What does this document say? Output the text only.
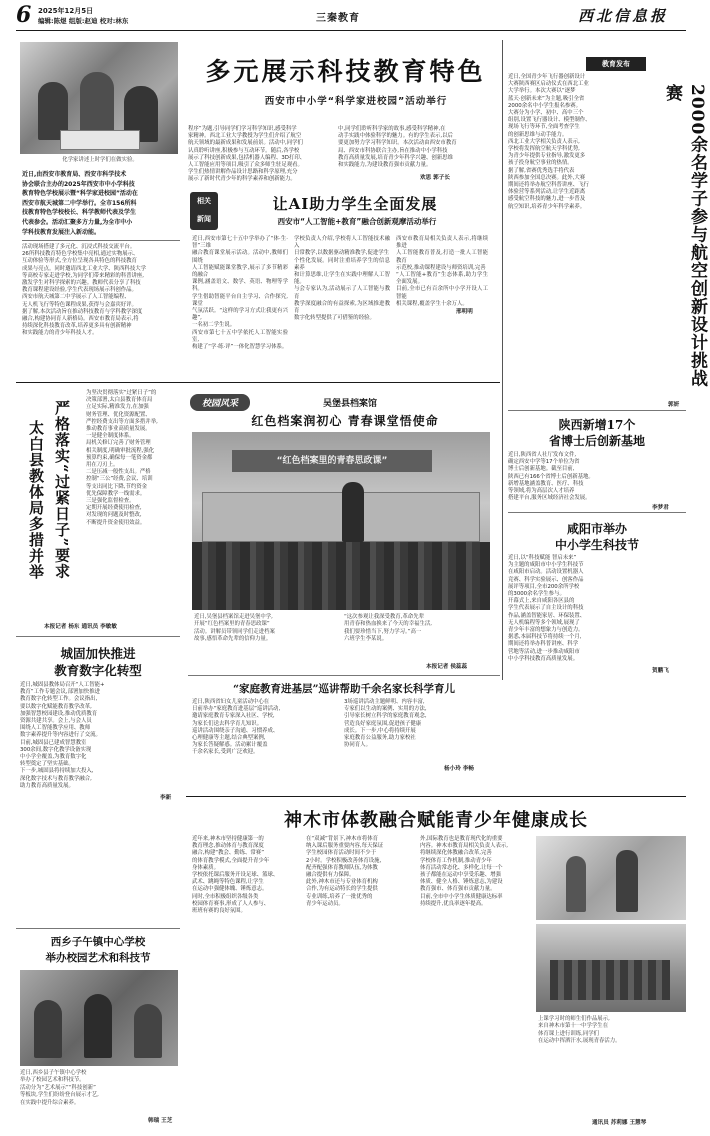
6 2025年12月5日
编辑:陈煜 组版:赵迪 校对:林东	三秦教育	西北信息报
化学家讲述上时学们在做实验。
多元展示科技教育特色
西安市中小学“科学家进校园”活动举行
近日,由西安市教育局、西安市科学技术
协会联合主办的2025年西安市中小学科技
教育特色学校展示暨“科学家进校园”活动在
西安市航天城第二中学举行。全市156所科
技教育特色学校校长、科学教师代表及学生
代表参会。活动汇聚多方力量,为全市中小
学科技教育发展注入新动能。
活动现场搭建了多元化、沉浸式科技交流平台。
26所科技教育特色学校集中亮相,通过实物展示、
互动体验等形式,全方位呈现各具特色的科技教育
成果与亮点。同时邀请西北工业大学、陕西科技大学
等高校专家走进学校,为同学们带来精彩的科普讲座,
激发学生对科学探索的兴趣。教师代表分享了科技
教育课程建设经验,学生代表现场展示科创作品。
西安市航天城第二中学展示了人工智能编程、
无人机飞行等特色课程成果,获得与会嘉宾好评。
据了解,本次活动旨在推动科技教育与学科教学深度
融合,构建协同育人新格局。西安市教育局表示,将
持续深化科技教育改革,培养更多具有创新精神
和实践能力的青少年科技人才。
程序”为题,引导同学们学习科学知识,感受科学
家精神。西北工业大学教授为学生们介绍了航空
航天领域的最新成果和发展前景。活动中,同学们
认真聆听讲座,积极参与互动环节。随后,各学校
展示了科技创新成果,包括机器人编程、3D打印、
人工智能应用等项目,吸引了众多师生驻足观看。
学生们热情讲解作品设计思路和科学原理,充分
展示了新时代青少年的科学素养和创新能力。
中,同学们聆听科学家的故事,感受科学精神,在
动手实践中体验科学的魅力。有的学生表示,以后
要更加努力学习科学知识。本次活动由西安市教育
局、西安市科协联合主办,旨在推动中小学科技
教育高质量发展,培育青少年科学兴趣、创新思维
和实践能力,为建设教育强市贡献力量。
欢思 郭子长
相关
新闻
让AI助力学生全面发展
西安市“人工智能+教育”融合创新观摩活动举行
近日,西安市第七十五中学举办了“体·生·智”三维
融合教育课堂展示活动。活动中,教师们围绕
人工智能赋能课堂教学,展示了多节精彩的融合
课例,涵盖语文、数学、英语、物理等学科。
学生借助智能平台自主学习、合作探究,课堂
气氛活跃。“这样的学习方式让我更有兴趣”,
一名初二学生说。
西安市第七十五中学依托人工智能实验室,
构建了“学·练·评”一体化智慧学习体系。
学校负责人介绍,学校将人工智能技术融入
日常教学,以数据驱动精准教学,促进学生
个性化发展。同时注重培养学生的信息素养
和计算思维,让学生在实践中理解人工智能。
与会专家认为,活动展示了人工智能与教育
教学深度融合的有益探索,为区域推进教育
数字化转型提供了可借鉴的经验。
西安市教育局相关负责人表示,将继续推进
人工智能教育普及,打造一批人工智能教育
示范校,推动课程建设与师资培训,完善
“人工智能+教育”生态体系,助力学生全面发展。
目前,全市已有百余所中小学开设人工智能
相关课程,覆盖学生十余万人。
邢明明
教育发布
2000余名学子参与航空创新设计挑战赛
近日,全国青少年飞行器创新设计
大赛陕西赛区启动仪式在西北工业
大学举行。本次大赛以“逐梦
蓝天·创新未来”为主题,吸引全省
2000余名中小学生报名参赛。
大赛分为小学、初中、高中三个
组别,设置飞行器设计、模型制作、
现场飞行等环节,全面考查学生
的创新思维与动手能力。
西北工业大学相关负责人表示,
学校将发挥航空航天学科优势,
为青少年提供专业指导,激发更多
孩子投身航空事业的热情。
据了解,省赛优秀选手将代表
陕西参加全国总决赛。此外,大赛
期间还将举办航空科普讲座、飞行
体验营等系列活动,让学生近距离
感受航空科技的魅力,进一步普及
航空知识,培养青少年科学素养。
郭妍
陕西新增17个
省博士后创新基地
近日,陕西省人社厅发布文件,
确定西安中学等17个单位为省
博士后创新基地。截至目前,
陕西已有166个省博士后创新基地。
新增基地涵盖教育、医疗、科技
等领域,将为高层次人才培养
搭建平台,服务区域经济社会发展。
李梦君
咸阳市举办
中小学生科技节
近日,以“科技赋能 智启未来”
为主题的咸阳市中小学生科技节
在咸阳市启动。活动设置机器人
竞赛、科学实验展示、创客作品
展评等项目,全市200余所学校
的3000余名学生参与。
开幕式上,来自咸阳各区县的
学生代表展示了自主设计的科技
作品,涵盖智能家居、环保装置、
无人机编程等多个领域,展现了
青少年丰富的想象力与创造力。
据悉,本届科技节将持续一个月,
期间还将举办科普讲座、科学
营地等活动,进一步推动咸阳市
中小学科技教育高质量发展。
贺鹏飞
严格落实“过紧日子”要求
太白县教体局多措并举
为坚决贯彻落实“过紧日子”的
决策部署,太白县教育体育局
立足实际,精准发力,在加强
财务管理、优化资源配置、
严控经费支出等方面多措并举,
推动教育事业高质量发展。
一是健全制度体系。
局机关修订完善了财务管理
相关制度,明确审批流程,强化
预算约束,确保每一笔资金都
用在刀刃上。
二是压减一般性支出。严格
控制“三公”经费,会议、培训
等支出同比下降,节约资金
优先保障教学一线需求。
三是强化监督检查。
定期开展经费使用检查,
对发现的问题及时整改,
不断提升资金使用效益。
本报记者 杨东 通讯员 李敏敏
城固加快推进
教育数字化转型
近日,城固县教体局召开“人工智能+
教育”工作专题会议,部署加快推进
教育数字化转型工作。会议指出,
要以数字化赋能教育教学改革,
加强智慧校园建设,推动优质教育
资源共建共享。会上,与会人员
围绕人工智能教学应用、教师
数字素养提升等内容进行了交流。
目前,城固县已建成智慧教室
300余间,数字化教学设备实现
中小学全覆盖,为教育数字化
转型奠定了坚实基础。
下一步,城固县将持续加大投入,
深化数字技术与教育教学融合,
助力教育高质量发展。
李新
校园风采	吴堡县档案馆
红色档案润初心 青春课堂悟使命
“红色档案里的青春思政课”
近日,吴堡县档案馆走进吴堡中学,
开展“红色档案里的青春思政课”
活动。讲解员带领同学们走进档案
故事,感悟革命先辈的信仰力量。
“这次参观让我深受教育,革命先辈
用青春和热血换来了今天的幸福生活,
我们要珍惜当下,努力学习。”高一
六班学生李某说。
本报记者 侯蕊蕊
“家庭教育进基层”巡讲帮助千余名家长科学育儿
近日,陕西省妇女儿童活动中心在
日前举办“家庭教育进基层”巡讲活动,
邀请家庭教育专家深入社区、学校,
为家长们送去科学育儿知识。
巡讲活动围绕亲子沟通、习惯养成、
心理健康等主题,结合典型案例,
为家长答疑解惑。活动累计覆盖
千余名家长,受到广泛欢迎。
3场巡讲活动主题鲜明、内容丰富,
专家们以生动的案例、实用的方法,
引导家长树立科学的家庭教育观念,
营造良好家庭氛围,促进孩子健康
成长。下一步,中心将持续开展
家庭教育公益服务,助力家校社
协同育人。
杨小玲 李畅
神木市体教融合赋能青少年健康成长
近年来,神木市坚持健康第一的
教育理念,推动体育与教育深度
融合,构建“教会、勤练、常赛”
的体育教学模式,全面提升青少年
身体素质。
学校依托课后服务开设足球、篮球、
武术、跳绳等特色课程,让学生
在运动中强健体魄、锤炼意志。
同时,全市积极组织各级各类
校园体育赛事,形成了人人参与、
班班有赛的良好氛围。
在“双减”背景下,神木市将体育
纳入课后服务重要内容,每天保证
学生校园体育活动时间不少于
2小时。学校积极改善体育设施,
配齐配强体育教师队伍,为体教
融合提供有力保障。
此外,神木市还与专业体育机构
合作,为有运动特长的学生提供
专业训练,培养了一批优秀的
青少年运动员。
外,国际教育也是教育现代化的重要
内容。神木市教育局相关负责人表示,
将继续深化体教融合改革,完善
学校体育工作机制,推动青少年
体育活动常态化、多样化,让每一个
孩子都能在运动中享受乐趣、增强
体质、健全人格、锤炼意志,为建设
教育强市、体育强市贡献力量。
目前,全市中小学生体质健康达标率
持续提升,优良率逐年提高。
上课学习时的师生们作品展示,
来自神木市第十一中学学生在
体育课上进行训练,同学们
在运动中挥洒汗水,展现青春活力。
通讯员 苏莉娜 王慧琴
西乡子午镇中心学校
举办校园艺术和科技节
近日,西乡县子午镇中心学校
举办了校园艺术和科技节。
活动分为“艺术展示”“科技创新”
等板块,学生们纷纷登台展示才艺,
在实践中提升综合素养。
韩瑞 王芝
